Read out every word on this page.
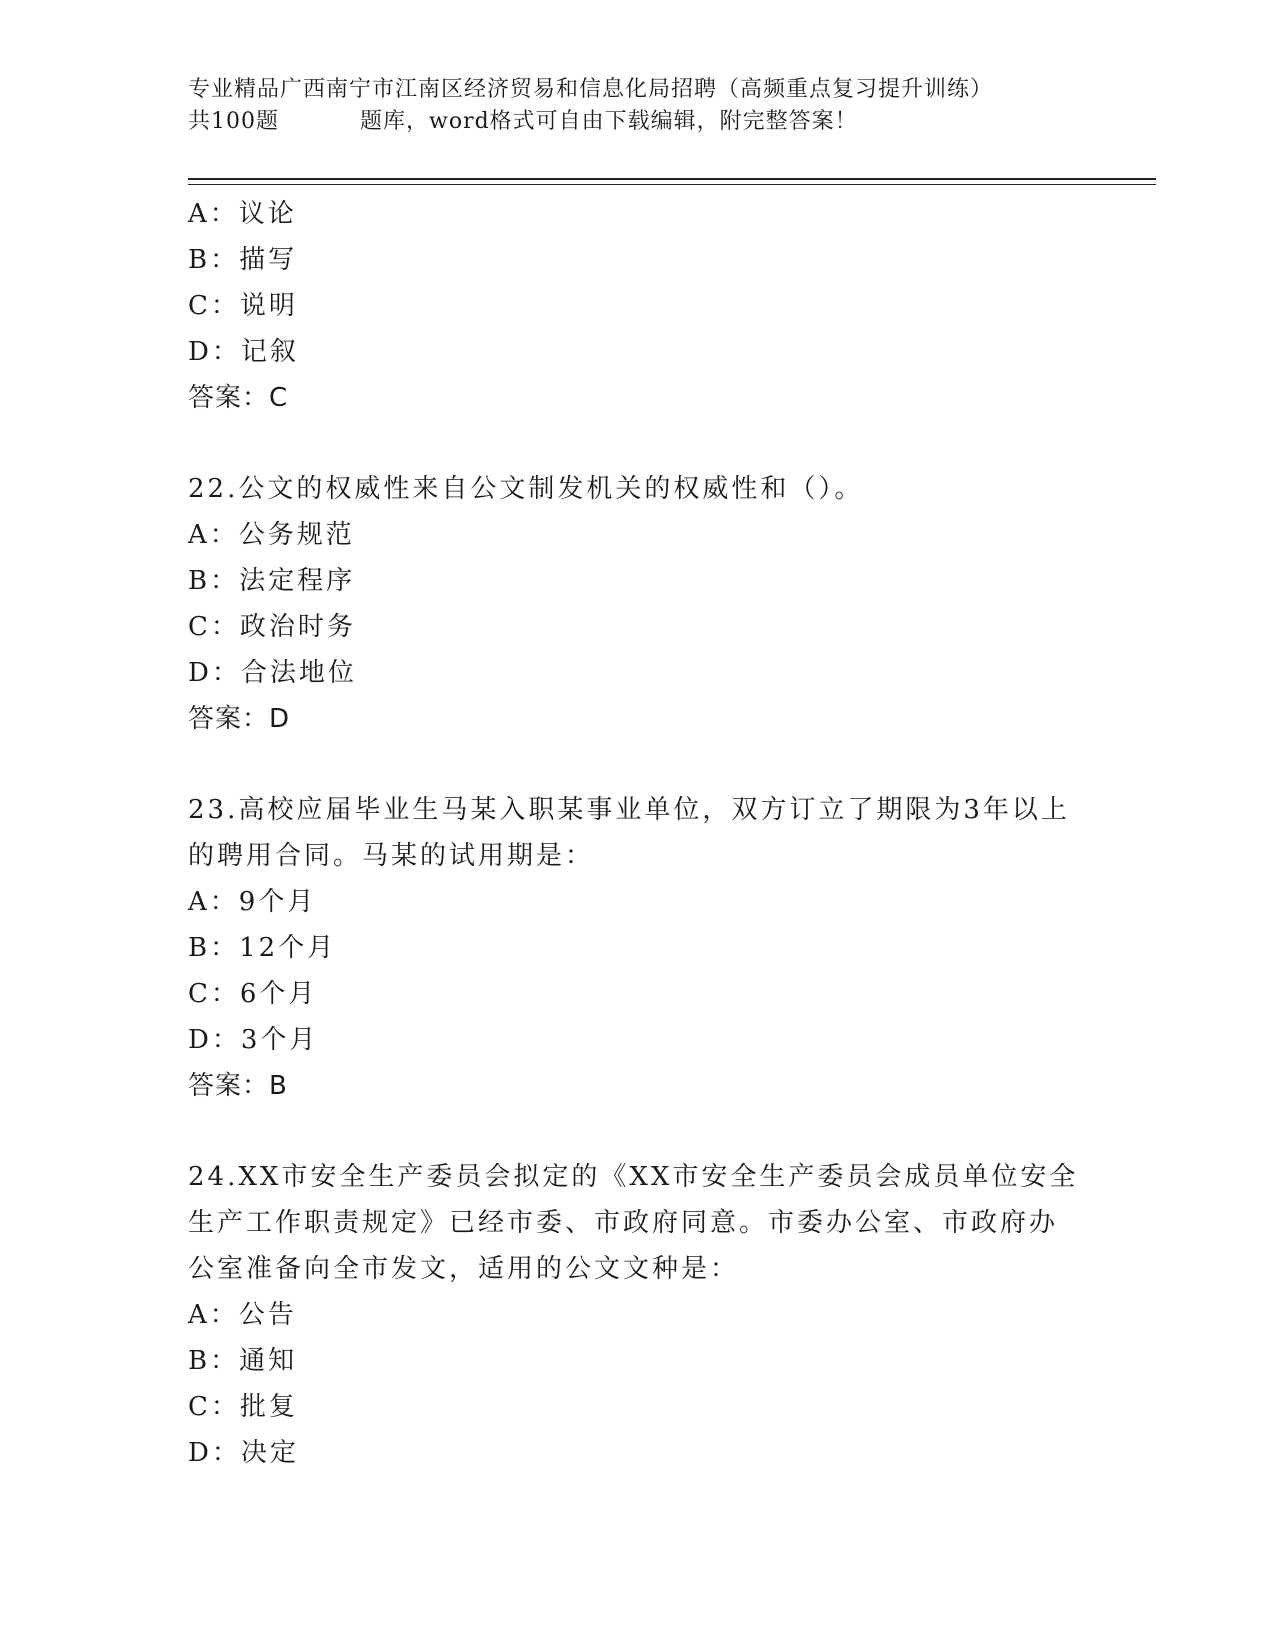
专业精品广西南宁市江南区经济贸易和信息化局招聘（高频重点复习提升训练）
共100题	题库，word格式可自由下载编辑，附完整答案！
A：议论
B：描写
C：说明
D：记叙
答案：C
22.公文的权威性来自公文制发机关的权威性和（）。
A：公务规范
B：法定程序
C：政治时务
D：合法地位
答案：D
23.高校应届毕业生马某入职某事业单位，双方订立了期限为3年以上
的聘用合同。马某的试用期是：
A：9个月
B：12个月
C：6个月
D：3个月
答案：B
24.XX市安全生产委员会拟定的《XX市安全生产委员会成员单位安全
生产工作职责规定》已经市委、市政府同意。市委办公室、市政府办
公室准备向全市发文，适用的公文文种是：
A：公告
B：通知
C：批复
D：决定
